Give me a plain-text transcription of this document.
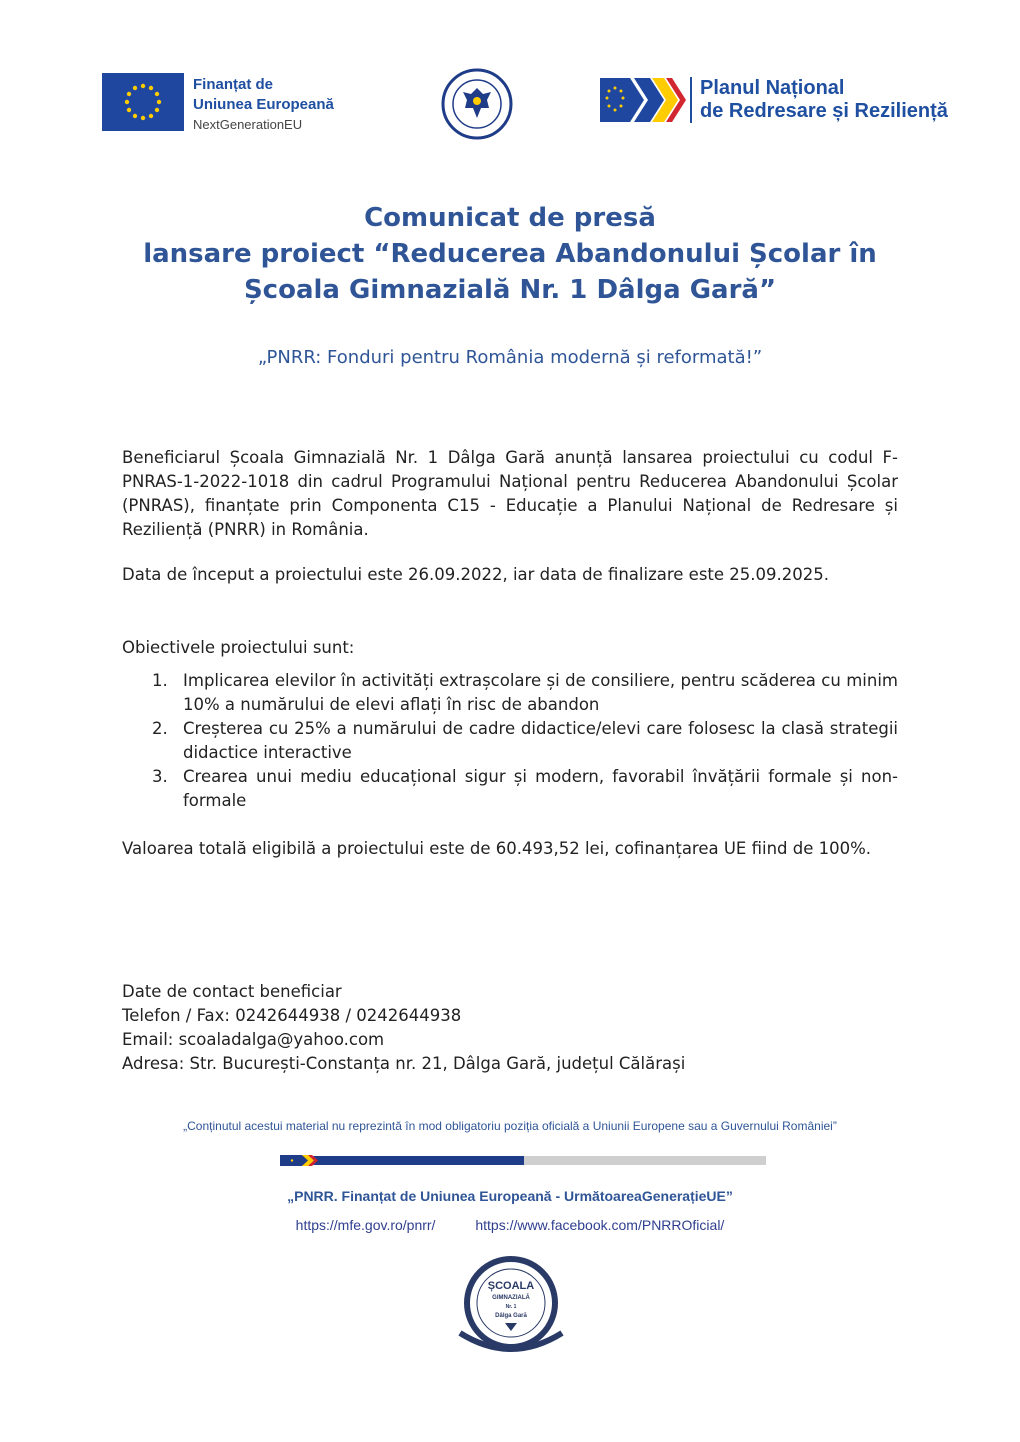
Finanțat de
Uniunea Europeană
NextGenerationEU
Planul Național
de Redresare și Reziliență
Comunicat de presă
lansare proiect “Reducerea Abandonului Școlar în
Școala Gimnazială Nr. 1 Dâlga Gară”
„PNRR: Fonduri pentru România modernă și reformată!”
Beneficiarul Școala Gimnazială Nr. 1 Dâlga Gară anunță lansarea proiectului cu codul F-PNRAS-1-2022-1018 din cadrul Programului Național pentru Reducerea Abandonului Școlar (PNRAS), finanțate prin Componenta C15 - Educație a Planului Național de Redresare și Reziliență (PNRR) in România.
Data de început a proiectului este 26.09.2022, iar data de finalizare este 25.09.2025.
Obiectivele proiectului sunt:
1. Implicarea elevilor în activități extrașcolare și de consiliere, pentru scăderea cu minim 10% a numărului de elevi aflați în risc de abandon
2. Creșterea cu 25% a numărului de cadre didactice/elevi care folosesc la clasă strategii didactice interactive
3. Crearea unui mediu educațional sigur și modern, favorabil învățării formale și non-formale
Valoarea totală eligibilă a proiectului este de 60.493,52 lei, cofinanțarea UE fiind de 100%.
Date de contact beneficiar
Telefon / Fax: 0242644938 / 0242644938
Email: scoaladalga@yahoo.com
Adresa: Str. București-Constanța nr. 21, Dâlga Gară, județul Călărași
„Conținutul acestui material nu reprezintă în mod obligatoriu poziția oficială a Uniunii Europene sau a Guvernului României”
„PNRR. Finanțat de Uniunea Europeană - UrmătoareaGenerațieUE”
https://mfe.gov.ro/pnrr/	https://www.facebook.com/PNRROficial/
ȘCOALA
GIMNAZIALĂ
Nr. 1
Dâlga Gară
